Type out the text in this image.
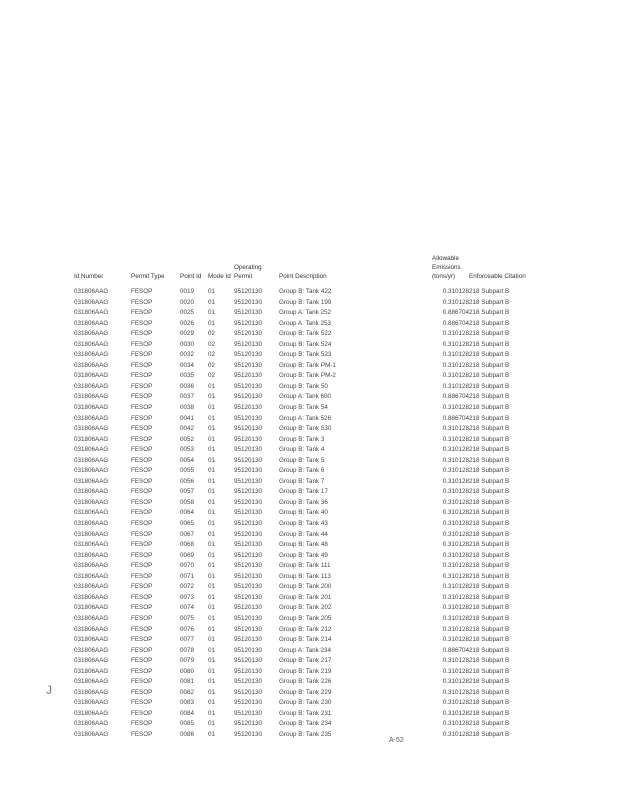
Id Number	Permit Type	Point Id	Mode Id	Operating Permit	Point Description	Allowable Emissions (tons/yr)	Enforceable Citation
031806AAG	FESOP	0019	01	95120130	Group B: Tank 422	0.310128	218 Subpart B
031806AAG	FESOP	0020	01	95120130	Group B: Tank 199	0.310128	218 Subpart B
031806AAG	FESOP	0025	01	95120130	Group A: Tank 252	0.886704	218 Subpart B
031806AAG	FESOP	0026	01	95120130	Group A: Tank 253	0.886704	218 Subpart B
031806AAG	FESOP	0029	02	95120130	Group B: Tank 522	0.310128	218 Subpart B
031806AAG	FESOP	0030	02	95120130	Group B: Tank 524	0.310128	218 Subpart B
031806AAG	FESOP	0032	02	95120130	Group B: Tank 523	0.310128	218 Subpart B
031806AAG	FESOP	0034	02	95120130	Group B: Tank PM-1	0.310128	218 Subpart B
031806AAG	FESOP	0035	02	95120130	Group B: Tank PM-2	0.310128	218 Subpart B
031806AAG	FESOP	0036	01	95120130	Group B: Tank 50	0.310128	218 Subpart B
031806AAG	FESOP	0037	01	95120130	Group A: Tank 600	0.886704	218 Subpart B
031806AAG	FESOP	0038	01	95120130	Group B: Tank 54	0.310128	218 Subpart B
031806AAG	FESOP	0041	01	95120130	Group A: Tank 526	0.886704	218 Subpart B
031806AAG	FESOP	0042	01	95120130	Group B: Tank 530	0.310128	218 Subpart B
031806AAG	FESOP	0052	01	95120130	Group B: Tank 3	0.310128	218 Subpart B
031806AAG	FESOP	0053	01	95120130	Group B: Tank 4	0.310128	218 Subpart B
031806AAG	FESOP	0054	01	95120130	Group B: Tank 5	0.310128	218 Subpart B
031806AAG	FESOP	0055	01	95120130	Group B: Tank 6	0.310128	218 Subpart B
031806AAG	FESOP	0056	01	95120130	Group B: Tank 7	0.310128	218 Subpart B
031806AAG	FESOP	0057	01	95120130	Group B: Tank 17	0.310128	218 Subpart B
031806AAG	FESOP	0058	01	95120130	Group B: Tank 36	0.310128	218 Subpart B
031806AAG	FESOP	0064	01	95120130	Group B: Tank 40	0.310128	218 Subpart B
031806AAG	FESOP	0065	01	95120130	Group B: Tank 43	0.310128	218 Subpart B
031806AAG	FESOP	0067	01	95120130	Group B: Tank 44	0.310128	218 Subpart B
031806AAG	FESOP	0068	01	95120130	Group B: Tank 48	0.310128	218 Subpart B
031806AAG	FESOP	0069	01	95120130	Group B: Tank 49	0.310128	218 Subpart B
031806AAG	FESOP	0070	01	95120130	Group B: Tank 111	0.310128	218 Subpart B
031806AAG	FESOP	0071	01	95120130	Group B: Tank 113	0.310128	218 Subpart B
031806AAG	FESOP	0072	01	95120130	Group B: Tank 200	0.310128	218 Subpart B
031806AAG	FESOP	0073	01	95120130	Group B: Tank 201	0.310128	218 Subpart B
031806AAG	FESOP	0074	01	95120130	Group B: Tank 202	0.310128	218 Subpart B
031806AAG	FESOP	0075	01	95120130	Group B: Tank 205	0.310128	218 Subpart B
031806AAG	FESOP	0076	01	95120130	Group B: Tank 212	0.310128	218 Subpart B
031806AAG	FESOP	0077	01	95120130	Group B: Tank 214	0.310128	218 Subpart B
031806AAG	FESOP	0078	01	95120130	Group A: Tank 234	0.886704	218 Subpart B
031806AAG	FESOP	0079	01	95120130	Group B: Tank 217	0.310128	218 Subpart B
031806AAG	FESOP	0080	01	95120130	Group B: Tank 219	0.310128	218 Subpart B
031806AAG	FESOP	0081	01	95120130	Group B: Tank 226	0.310128	218 Subpart B
031806AAG	FESOP	0082	01	95120130	Group B: Tank 229	0.310128	218 Subpart B
031806AAG	FESOP	0083	01	95120130	Group B: Tank 230	0.310128	218 Subpart B
031806AAG	FESOP	0084	01	95120130	Group B: Tank 231	0.310128	218 Subpart B
031806AAG	FESOP	0085	01	95120130	Group B: Tank 234	0.310128	218 Subpart B
031806AAG	FESOP	0086	01	95120130	Group B: Tank 235	0.310128	218 Subpart B
J
A-52
